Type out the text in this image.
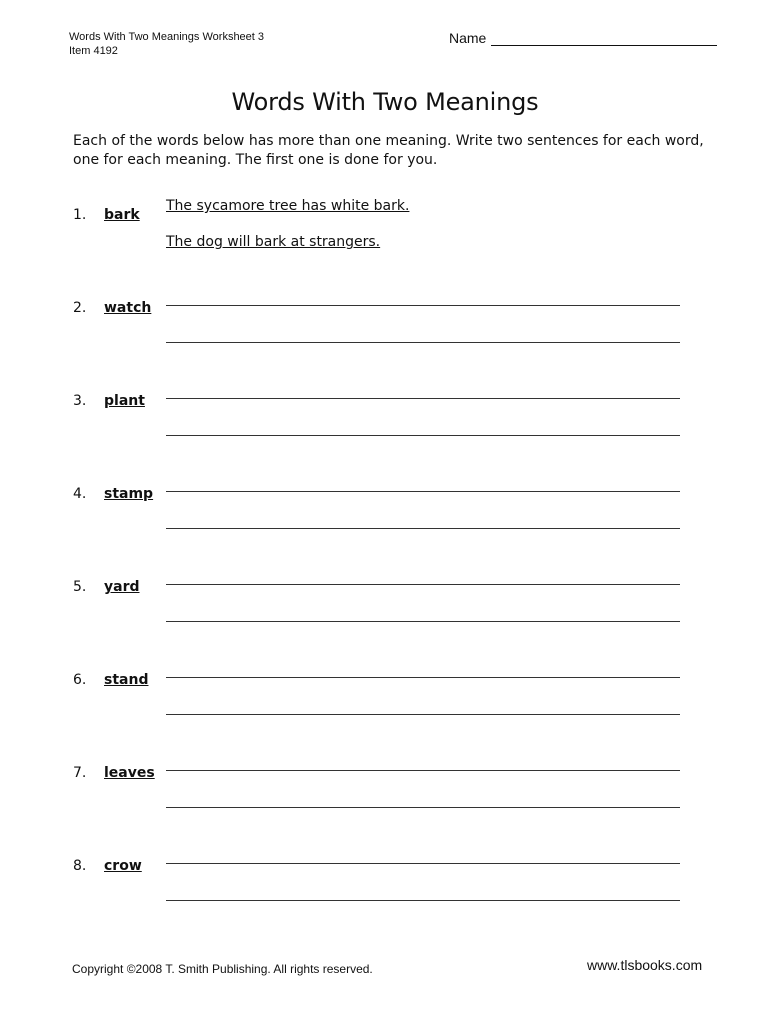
Words With Two Meanings Worksheet 3
Item 4192
Name
Words With Two Meanings
Each of the words below has more than one meaning. Write two sentences for each word, one for each meaning. The first one is done for you.
1. bark
The sycamore tree has white bark.
The dog will bark at strangers.
2. watch
3. plant
4. stamp
5. yard
6. stand
7. leaves
8. crow
Copyright ©2008 T. Smith Publishing. All rights reserved.	www.tlsbooks.com
